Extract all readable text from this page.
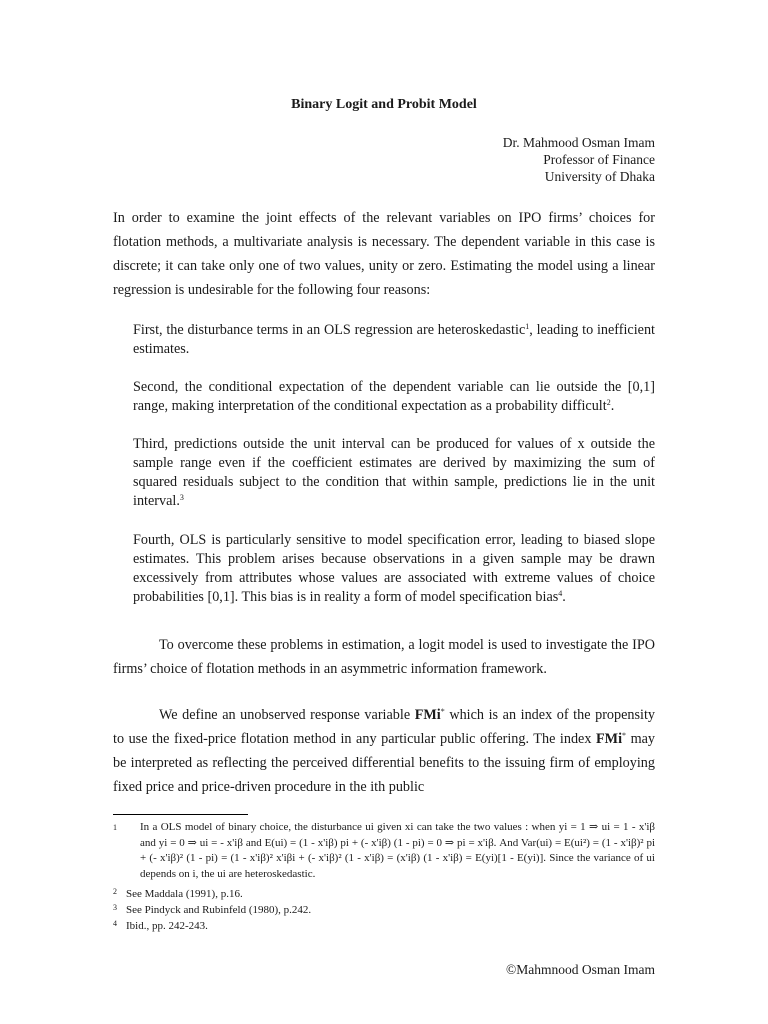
Binary Logit and Probit Model
Dr. Mahmood Osman Imam
Professor of Finance
University of Dhaka
In order to examine the joint effects of the relevant variables on IPO firms’ choices for flotation methods, a multivariate analysis is necessary. The dependent variable in this case is discrete; it can take only one of two values, unity or zero. Estimating the model using a linear regression is undesirable for the following four reasons:
First, the disturbance terms in an OLS regression are heteroskedastic$^1$, leading to inefficient estimates.
Second, the conditional expectation of the dependent variable can lie outside the [0,1] range, making interpretation of the conditional expectation as a probability difficult$^2$.
Third, predictions outside the unit interval can be produced for values of x outside the sample range even if the coefficient estimates are derived by maximizing the sum of squared residuals subject to the condition that within sample, predictions lie in the unit interval.$^3$
Fourth, OLS is particularly sensitive to model specification error, leading to biased slope estimates. This problem arises because observations in a given sample may be drawn excessively from attributes whose values are associated with extreme values of choice probabilities [0,1]. This bias is in reality a form of model specification bias$^4$.
To overcome these problems in estimation, a logit model is used to investigate the IPO firms’ choice of flotation methods in an asymmetric information framework.
We define an unobserved response variable FMi* which is an index of the propensity to use the fixed-price flotation method in any particular public offering. The index FMi* may be interpreted as reflecting the perceived differential benefits to the issuing firm of employing fixed price and price-driven procedure in the ith public
1 In a OLS model of binary choice, the disturbance ui given xi can take the two values : when yi = 1 ⇒ ui = 1 - x'iβ and yi = 0 ⇒ ui = - x'iβ and E(ui) = (1 - x'iβ) pi + (- x'iβ) (1 - pi) = 0 ⇒ pi = x'iβ. And Var(ui) = E(ui²) = (1 - x'iβ)² pi + (- x'iβ)² (1 - pi) = (1 - x'iβ)² x'iβi + (- x'iβ)² (1 - x'iβ) = (x'iβ) (1 - x'iβ) = E(yi)[1 - E(yi)]. Since the variance of ui depends on i, the ui are heteroskedastic.
2 See Maddala (1991), p.16.
3 See Pindyck and Rubinfeld (1980), p.242.
4 Ibid., pp. 242-243.
©Mahmnood Osman Imam
